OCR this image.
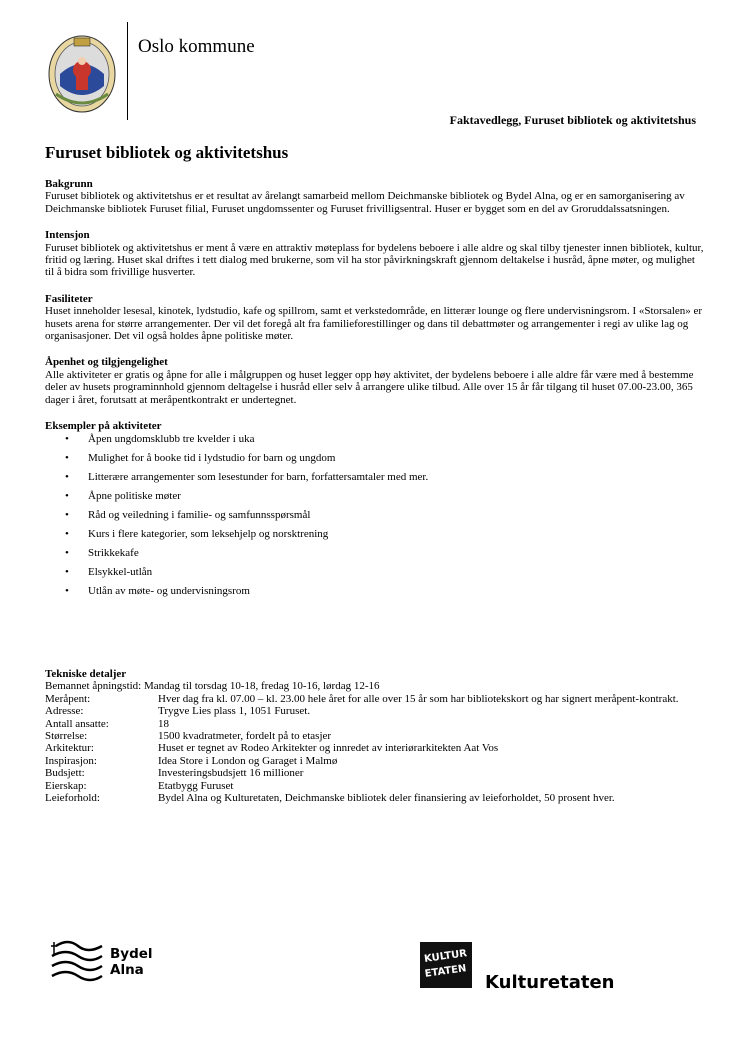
Oslo kommune
Faktavedlegg, Furuset bibliotek og aktivitetshus
Furuset bibliotek og aktivitetshus
Bakgrunn

Furuset bibliotek og aktivitetshus er et resultat av årelangt samarbeid mellom Deichmanske bibliotek og Bydel Alna, og er en samorganisering av Deichmanske bibliotek Furuset filial, Furuset ungdomssenter og Furuset frivilligsentral. Huser er bygget som en del av Groruddalssatsningen.

Intensjon

Furuset bibliotek og aktivitetshus er ment å være en attraktiv møteplass for bydelens beboere i alle aldre og skal tilby tjenester innen bibliotek, kultur, fritid og læring. Huset skal driftes i tett dialog med brukerne, som vil ha stor påvirkningskraft gjennom deltakelse i husråd, åpne møter, og mulighet til å bidra som frivillige husverter.

Fasiliteter

Huset inneholder lesesal, kinotek, lydstudio, kafe og spillrom, samt et verkstedområde, en litterær lounge og flere undervisningsrom. I «Storsalen» er husets arena for større arrangementer. Der vil det foregå alt fra familieforestillinger og dans til debattmøter og arrangementer i regi av ulike lag og organisasjoner. Det vil også holdes åpne politiske møter.

Åpenhet og tilgjengelighet

Alle aktiviteter er gratis og åpne for alle i målgruppen og huset legger opp høy aktivitet, der bydelens beboere i alle aldre får være med å bestemme deler av husets programinnhold gjennom deltagelse i husråd eller selv å arrangere ulike tilbud. Alle over 15 år får tilgang til huset 07.00-23.00, 365 dager i året, forutsatt at meråpentkontrakt er undertegnet.

Eksempler på aktiviteter
• Åpen ungdomsklubb tre kvelder i uka
• Mulighet for å booke tid i lydstudio for barn og ungdom
• Litterære arrangementer som lesestunder for barn, forfattersamtaler med mer.
• Åpne politiske møter
• Råd og veiledning i familie- og samfunnsspørsmål
• Kurs i flere kategorier, som leksehjelp og norsktrening
• Strikkekafe
• Elsykkel-utlån
• Utlån av møte- og undervisningsrom
Tekniske detaljer
Bemannet åpningstid: Mandag til torsdag 10-18, fredag 10-16, lørdag 12-16
Meråpent:	Hver dag fra kl. 07.00 – kl. 23.00 hele året for alle over 15 år som har bibliotekskort og har signert meråpent-kontrakt.
Adresse:	Trygve Lies plass 1, 1051 Furuset.
Antall ansatte:	18
Størrelse:	1500 kvadratmeter, fordelt på to etasjer
Arkitektur:	Huset er tegnet av Rodeo Arkitekter og innredet av interiørarkitekten Aat Vos
Inspirasjon:	Idea Store i London og Garaget i Malmø
Budsjett:	Investeringsbudsjett 16 millioner
Eierskap:	Etatbygg Furuset
Leieforhold:	Bydel Alna og Kulturetaten, Deichmanske bibliotek deler finansiering av leieforholdet, 50 prosent hver.
Bydel
Alna
KULTUR
ETATEN
Kulturetaten
